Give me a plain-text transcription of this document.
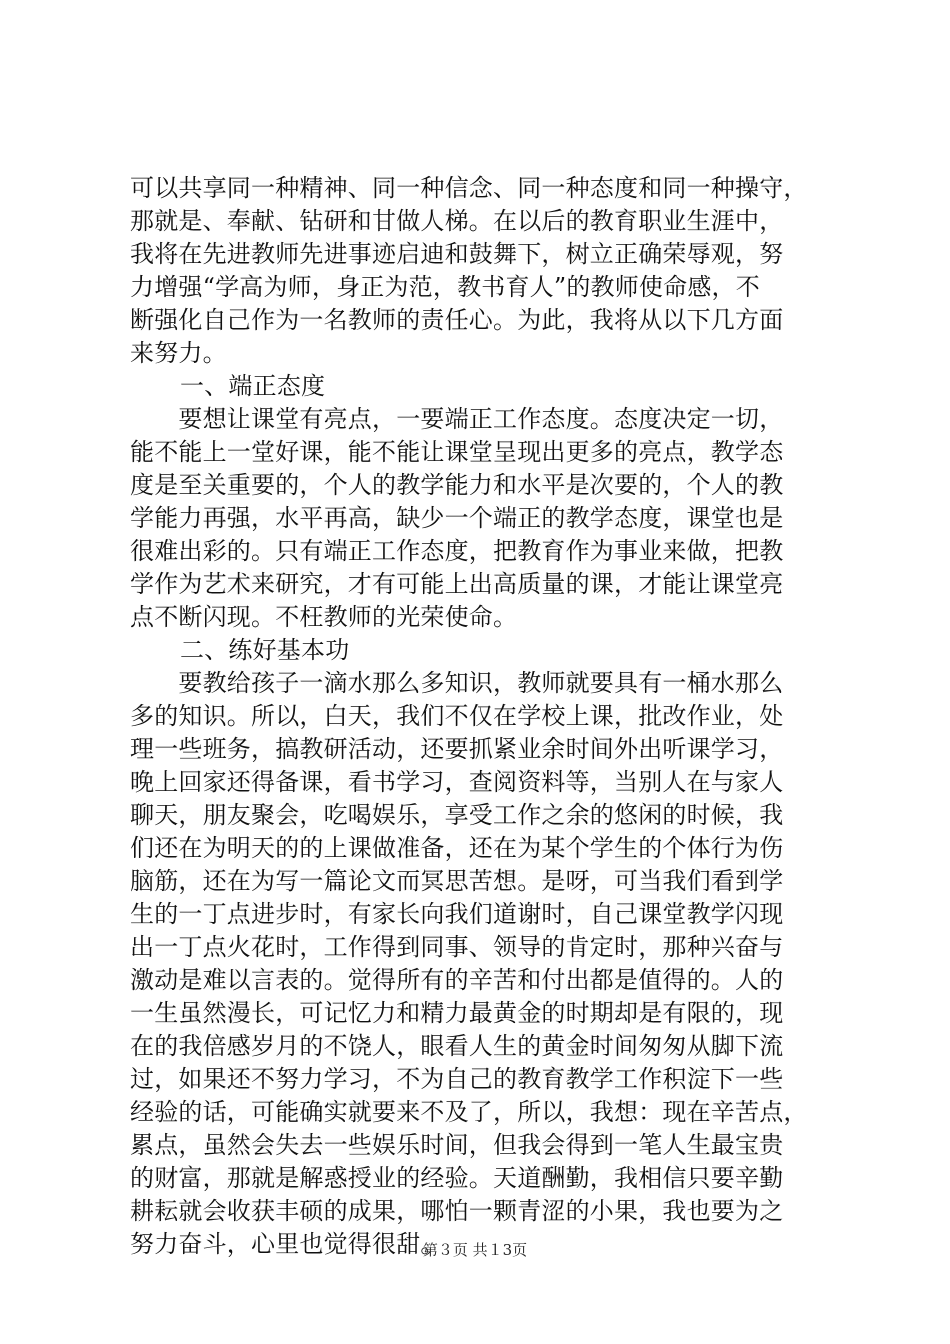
可以共享同一种精神、同一种信念、同一种态度和同一种操守，
那就是、奉献、钻研和甘做人梯。在以后的教育职业生涯中，
我将在先进教师先进事迹启迪和鼓舞下，树立正确荣辱观，努
力增强“学高为师，身正为范，教书育人”的教师使命感，不
断强化自己作为一名教师的责任心。为此，我将从以下几方面
来努力。
一、端正态度
　　要想让课堂有亮点，一要端正工作态度。态度决定一切，
能不能上一堂好课，能不能让课堂呈现出更多的亮点，教学态
度是至关重要的，个人的教学能力和水平是次要的，个人的教
学能力再强，水平再高，缺少一个端正的教学态度，课堂也是
很难出彩的。只有端正工作态度，把教育作为事业来做，把教
学作为艺术来研究，才有可能上出高质量的课，才能让课堂亮
点不断闪现。不枉教师的光荣使命。
二、练好基本功
　　要教给孩子一滴水那么多知识，教师就要具有一桶水那么
多的知识。所以，白天，我们不仅在学校上课，批改作业，处
理一些班务，搞教研活动，还要抓紧业余时间外出听课学习，
晚上回家还得备课，看书学习，查阅资料等，当别人在与家人
聊天，朋友聚会，吃喝娱乐，享受工作之余的悠闲的时候，我
们还在为明天的的上课做准备，还在为某个学生的个体行为伤
脑筋，还在为写一篇论文而冥思苦想。是呀，可当我们看到学
生的一丁点进步时，有家长向我们道谢时，自己课堂教学闪现
出一丁点火花时，工作得到同事、领导的肯定时，那种兴奋与
激动是难以言表的。觉得所有的辛苦和付出都是值得的。人的
一生虽然漫长，可记忆力和精力最黄金的时期却是有限的，现
在的我倍感岁月的不饶人，眼看人生的黄金时间匆匆从脚下流
过，如果还不努力学习，不为自己的教育教学工作积淀下一些
经验的话，可能确实就要来不及了，所以，我想：现在辛苦点，
累点，虽然会失去一些娱乐时间，但我会得到一笔人生最宝贵
的财富，那就是解惑授业的经验。天道酬勤，我相信只要辛勤
耕耘就会收获丰硕的成果，哪怕一颗青涩的小果，我也要为之
努力奋斗，心里也觉得很甜。
第３页 共１3页
